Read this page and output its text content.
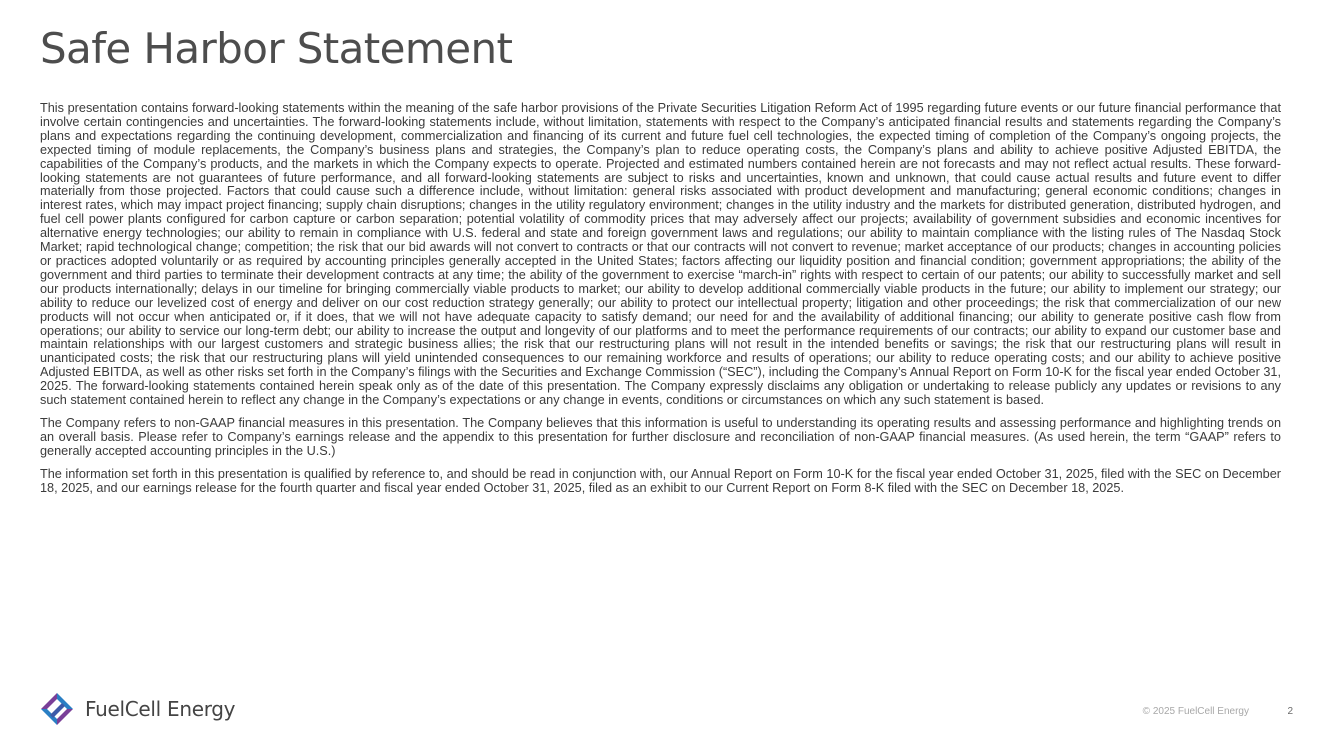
Safe Harbor Statement

This presentation contains forward-looking statements within the meaning of the safe harbor provisions of the Private Securities Litigation Reform Act of 1995 regarding future events or our future financial performance that involve certain contingencies and uncertainties. The forward-looking statements include, without limitation, statements with respect to the Company’s anticipated financial results and statements regarding the Company’s plans and expectations regarding the continuing development, commercialization and financing of its current and future fuel cell technologies, the expected timing of completion of the Company’s ongoing projects, the expected timing of module replacements, the Company’s business plans and strategies, the Company’s plan to reduce operating costs, the Company’s plans and ability to achieve positive Adjusted EBITDA, the capabilities of the Company’s products, and the markets in which the Company expects to operate. Projected and estimated numbers contained herein are not forecasts and may not reflect actual results. These forward-looking statements are not guarantees of future performance, and all forward-looking statements are subject to risks and uncertainties, known and unknown, that could cause actual results and future event to differ materially from those projected. Factors that could cause such a difference include, without limitation: general risks associated with product development and manufacturing; general economic conditions; changes in interest rates, which may impact project financing; supply chain disruptions; changes in the utility regulatory environment; changes in the utility industry and the markets for distributed generation, distributed hydrogen, and fuel cell power plants configured for carbon capture or carbon separation; potential volatility of commodity prices that may adversely affect our projects; availability of government subsidies and economic incentives for alternative energy technologies; our ability to remain in compliance with U.S. federal and state and foreign government laws and regulations; our ability to maintain compliance with the listing rules of The Nasdaq Stock Market; rapid technological change; competition; the risk that our bid awards will not convert to contracts or that our contracts will not convert to revenue; market acceptance of our products; changes in accounting policies or practices adopted voluntarily or as required by accounting principles generally accepted in the United States; factors affecting our liquidity position and financial condition; government appropriations; the ability of the government and third parties to terminate their development contracts at any time; the ability of the government to exercise “march-in” rights with respect to certain of our patents; our ability to successfully market and sell our products internationally; delays in our timeline for bringing commercially viable products to market; our ability to develop additional commercially viable products in the future; our ability to implement our strategy; our ability to reduce our levelized cost of energy and deliver on our cost reduction strategy generally; our ability to protect our intellectual property; litigation and other proceedings; the risk that commercialization of our new products will not occur when anticipated or, if it does, that we will not have adequate capacity to satisfy demand; our need for and the availability of additional financing; our ability to generate positive cash flow from operations; our ability to service our long-term debt; our ability to increase the output and longevity of our platforms and to meet the performance requirements of our contracts; our ability to expand our customer base and maintain relationships with our largest customers and strategic business allies; the risk that our restructuring plans will not result in the intended benefits or savings; the risk that our restructuring plans will result in unanticipated costs; the risk that our restructuring plans will yield unintended consequences to our remaining workforce and results of operations; our ability to reduce operating costs; and our ability to achieve positive Adjusted EBITDA, as well as other risks set forth in the Company’s filings with the Securities and Exchange Commission (“SEC”), including the Company’s Annual Report on Form 10-K for the fiscal year ended October 31, 2025. The forward-looking statements contained herein speak only as of the date of this presentation. The Company expressly disclaims any obligation or undertaking to release publicly any updates or revisions to any such statement contained herein to reflect any change in the Company’s expectations or any change in events, conditions or circumstances on which any such statement is based.

The Company refers to non-GAAP financial measures in this presentation. The Company believes that this information is useful to understanding its operating results and assessing performance and highlighting trends on an overall basis. Please refer to Company’s earnings release and the appendix to this presentation for further disclosure and reconciliation of non-GAAP financial measures. (As used herein, the term “GAAP” refers to generally accepted accounting principles in the U.S.)

The information set forth in this presentation is qualified by reference to, and should be read in conjunction with, our Annual Report on Form 10-K for the fiscal year ended October 31, 2025, filed with the SEC on December 18, 2025, and our earnings release for the fourth quarter and fiscal year ended October 31, 2025, filed as an exhibit to our Current Report on Form 8-K filed with the SEC on December 18, 2025.

FuelCell Energy	© 2025 FuelCell Energy	2
